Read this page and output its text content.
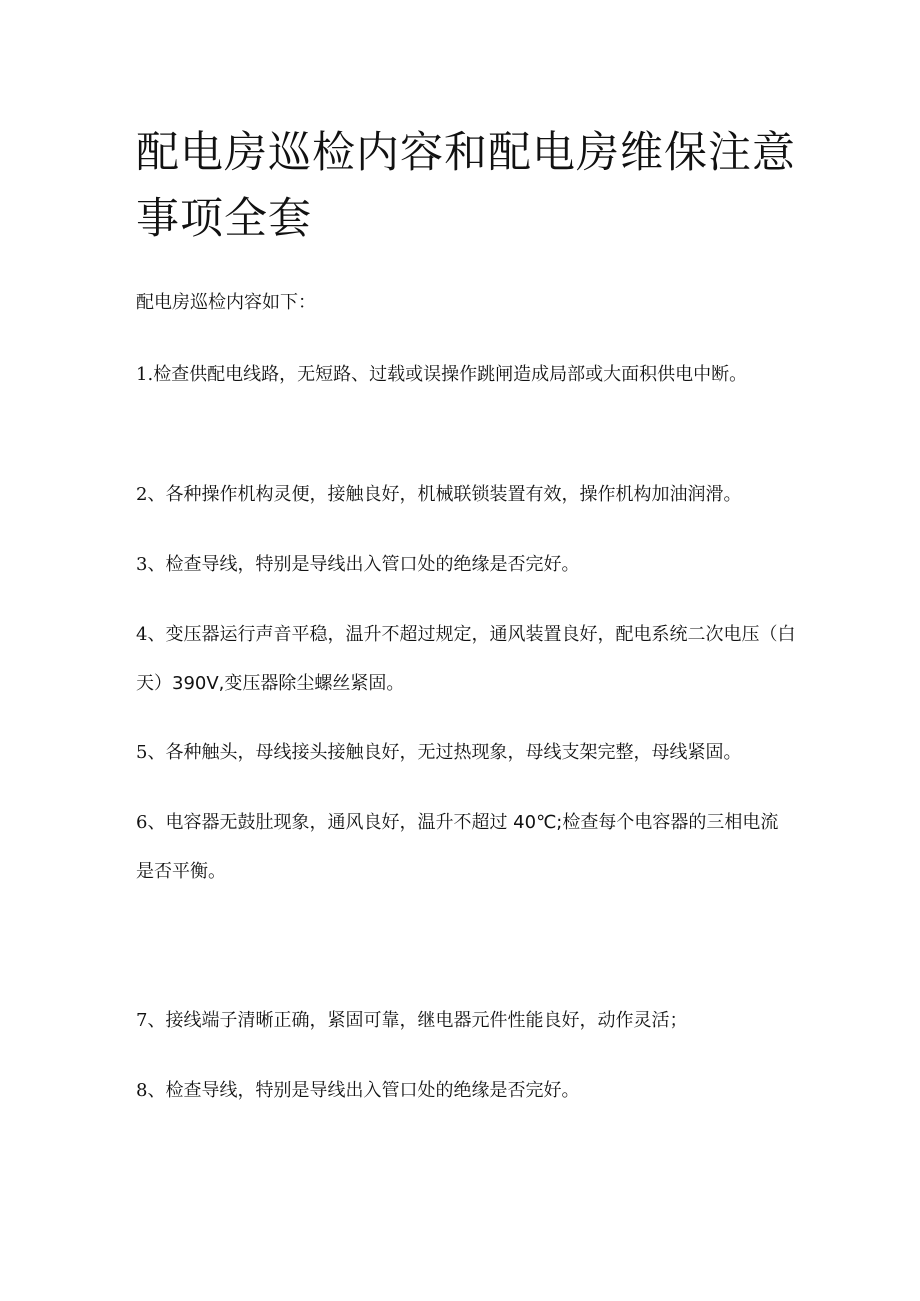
配电房巡检内容和配电房维保注意事项全套

配电房巡检内容如下：

1.检查供配电线路，无短路、过载或误操作跳闸造成局部或大面积供电中断。

2、各种操作机构灵便，接触良好，机械联锁装置有效，操作机构加油润滑。

3、检查导线，特别是导线出入管口处的绝缘是否完好。

4、变压器运行声音平稳，温升不超过规定，通风装置良好，配电系统二次电压（白天）390V,变压器除尘螺丝紧固。

5、各种触头，母线接头接触良好，无过热现象，母线支架完整，母线紧固。

6、电容器无鼓肚现象，通风良好，温升不超过 40℃;检查每个电容器的三相电流是否平衡。

7、接线端子清晰正确，紧固可靠，继电器元件性能良好，动作灵活；

8、检查导线，特别是导线出入管口处的绝缘是否完好。
